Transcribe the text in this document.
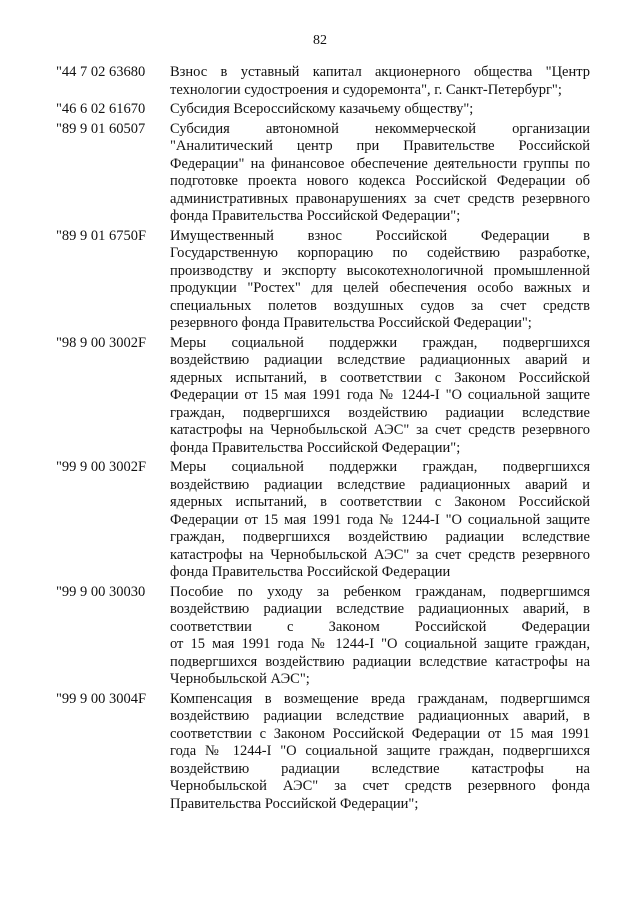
82
"44 7 02 63680	Взнос в уставный капитал акционерного общества "Центр
технологии судостроения и судоремонта", г. Санкт-Петербург";
"46 6 02 61670	Субсидия Всероссийскому казачьему обществу";
"89 9 01 60507	Субсидия автономной некоммерческой организации
"Аналитический центр при Правительстве Российской
Федерации" на финансовое обеспечение деятельности группы по
подготовке проекта нового кодекса Российской Федерации об
административных правонарушениях за счет средств резервного
фонда Правительства Российской Федерации";
"89 9 01 6750F	Имущественный взнос Российской Федерации в
Государственную корпорацию по содействию разработке,
производству и экспорту высокотехнологичной промышленной
продукции "Ростех" для целей обеспечения особо важных и
специальных полетов воздушных судов за счет средств
резервного фонда Правительства Российской Федерации";
"98 9 00 3002F	Меры социальной поддержки граждан, подвергшихся
воздействию радиации вследствие радиационных аварий и
ядерных испытаний, в соответствии с Законом Российской
Федерации от 15 мая 1991 года № 1244-I "О социальной защите
граждан, подвергшихся воздействию радиации вследствие
катастрофы на Чернобыльской АЭС" за счет средств резервного
фонда Правительства Российской Федерации";
"99 9 00 3002F	Меры социальной поддержки граждан, подвергшихся
воздействию радиации вследствие радиационных аварий и
ядерных испытаний, в соответствии с Законом Российской
Федерации от 15 мая 1991 года № 1244-I "О социальной защите
граждан, подвергшихся воздействию радиации вследствие
катастрофы на Чернобыльской АЭС" за счет средств резервного
фонда Правительства Российской Федерации
"99 9 00 30030	Пособие по уходу за ребенком гражданам, подвергшимся
воздействию радиации вследствие радиационных аварий, в
соответствии с Законом Российской Федерации
от 15 мая 1991 года № 1244-I "О социальной защите граждан,
подвергшихся воздействию радиации вследствие катастрофы на
Чернобыльской АЭС";
"99 9 00 3004F	Компенсация в возмещение вреда гражданам, подвергшимся
воздействию радиации вследствие радиационных аварий, в
соответствии с Законом Российской Федерации от 15 мая 1991
года № 1244-I "О социальной защите граждан, подвергшихся
воздействию радиации вследствие катастрофы на
Чернобыльской АЭС" за счет средств резервного фонда
Правительства Российской Федерации";
